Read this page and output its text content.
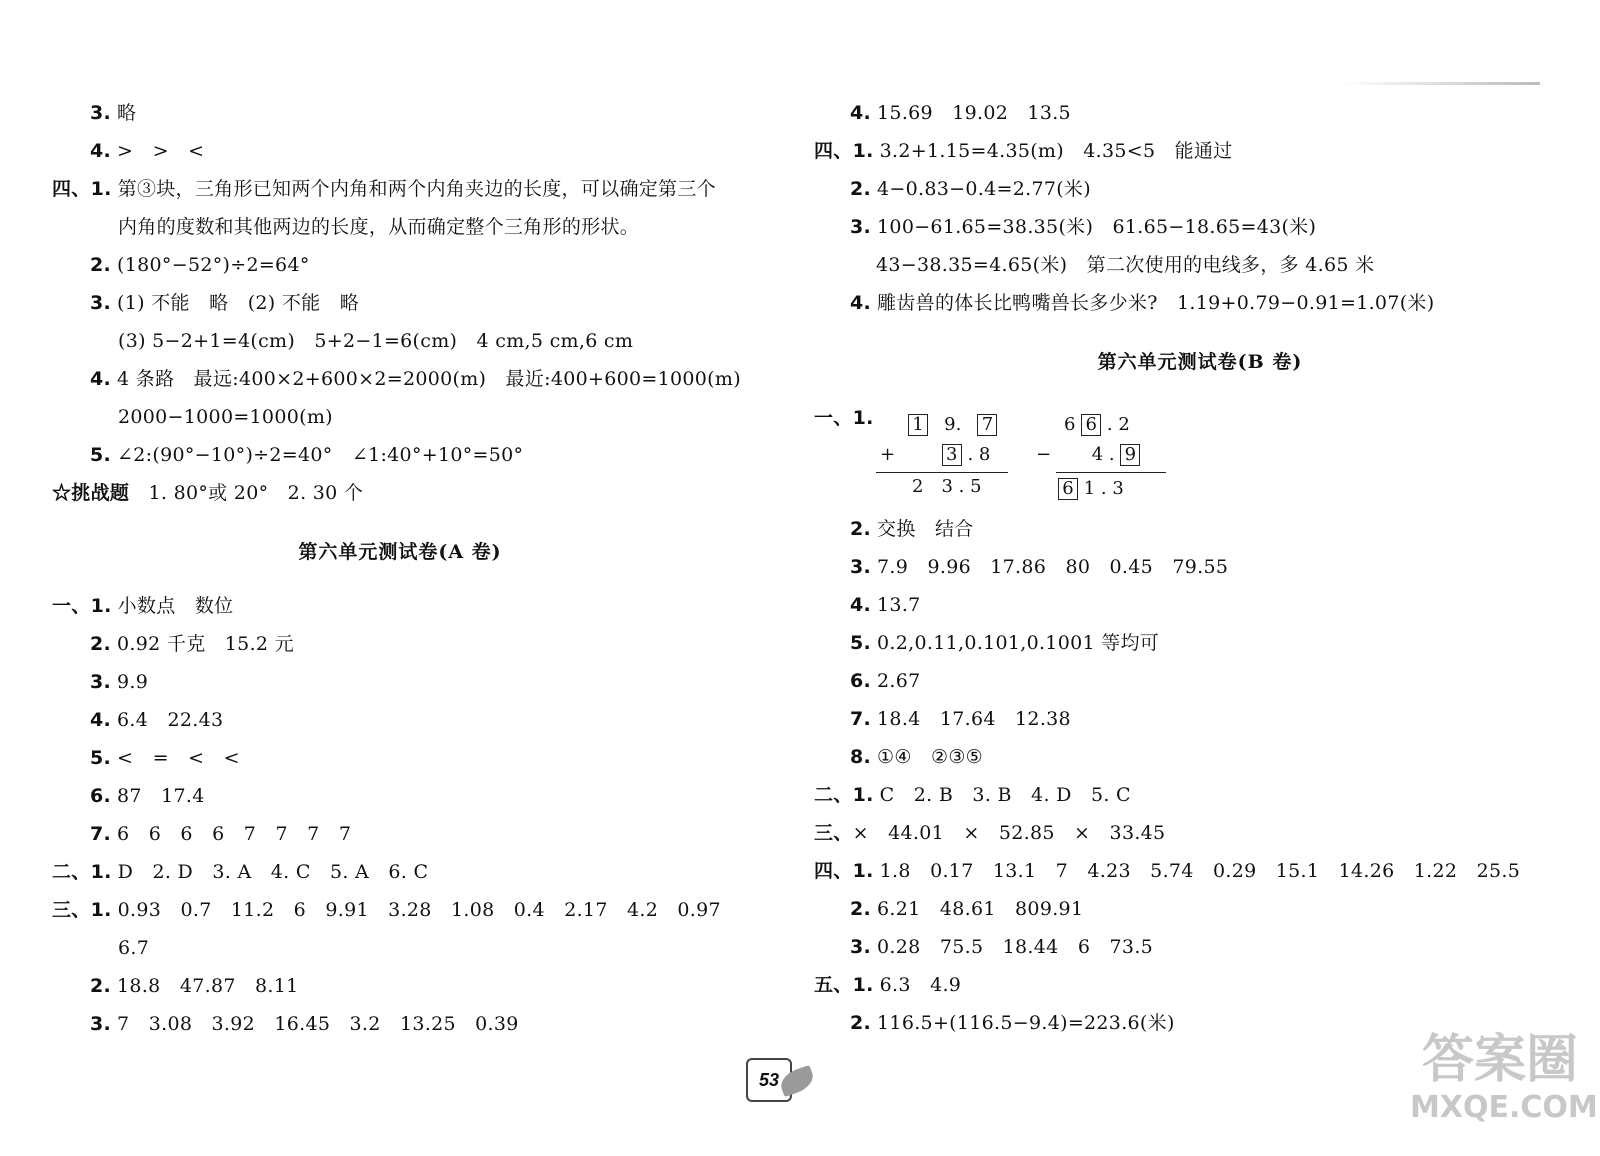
3. 略
4. >　>　<
四、1. 第③块，三角形已知两个内角和两个内角夹边的长度，可以确定第三个
内角的度数和其他两边的长度，从而确定整个三角形的形状。
2. (180°−52°)÷2=64°
3. (1) 不能　略　(2) 不能　略
(3) 5−2+1=4(cm)　5+2−1=6(cm)　4 cm,5 cm,6 cm
4. 4 条路　最远:400×2+600×2=2000(m)　最近:400+600=1000(m)
2000−1000=1000(m)
5. ∠2:(90°−10°)÷2=40°　∠1:40°+10°=50°
☆挑战题　 1. 80°或 20°　2. 30 个
第六单元测试卷(A 卷)
一、1. 小数点　数位
2. 0.92 千克　15.2 元
3. 9.9
4. 6.4　22.43
5. <　=　<　<
6. 87　17.4
7. 6　6　6　6　7　7　7　7
二、1. D　2. D　3. A　4. C　5. A　6. C
三、1. 0.93　0.7　11.2　6　9.91　3.28　1.08　0.4　2.17　4.2　0.97
6.7
2. 18.8　47.87　8.11
3. 7　3.08　3.92　16.45　3.2　13.25　0.39
4. 15.69　19.02　13.5
四、1. 3.2+1.15=4.35(m)　4.35<5　能通过
2. 4−0.83−0.4=2.77(米)
3. 100−61.65=38.35(米)　61.65−18.65=43(米)
43−38.35=4.65(米)　第二次使用的电线多，多 4.65 米
4. 雕齿兽的体长比鸭嘴兽长多少米?　1.19+0.79−0.91=1.07(米)
第六单元测试卷(B 卷)
一、1.	1 9. 7
+	3 . 8
2　3 . 5
6 6 . 2
− 4 . 9
6 1 . 3
2. 交换　结合
3. 7.9　9.96　17.86　80　0.45　79.55
4. 13.7
5. 0.2,0.11,0.101,0.1001 等均可
6. 2.67
7. 18.4　17.64　12.38
8. ①④　②③⑤
二、1. C　2. B　3. B　4. D　5. C
三、×　44.01　×　52.85　×　33.45
四、1. 1.8　0.17　13.1　7　4.23　5.74　0.29　15.1　14.26　1.22　25.5
2. 6.21　48.61　809.91
3. 0.28　75.5　18.44　6　73.5
五、1. 6.3　4.9
2. 116.5+(116.5−9.4)=223.6(米)
53	答案圈
MXQE.COM
